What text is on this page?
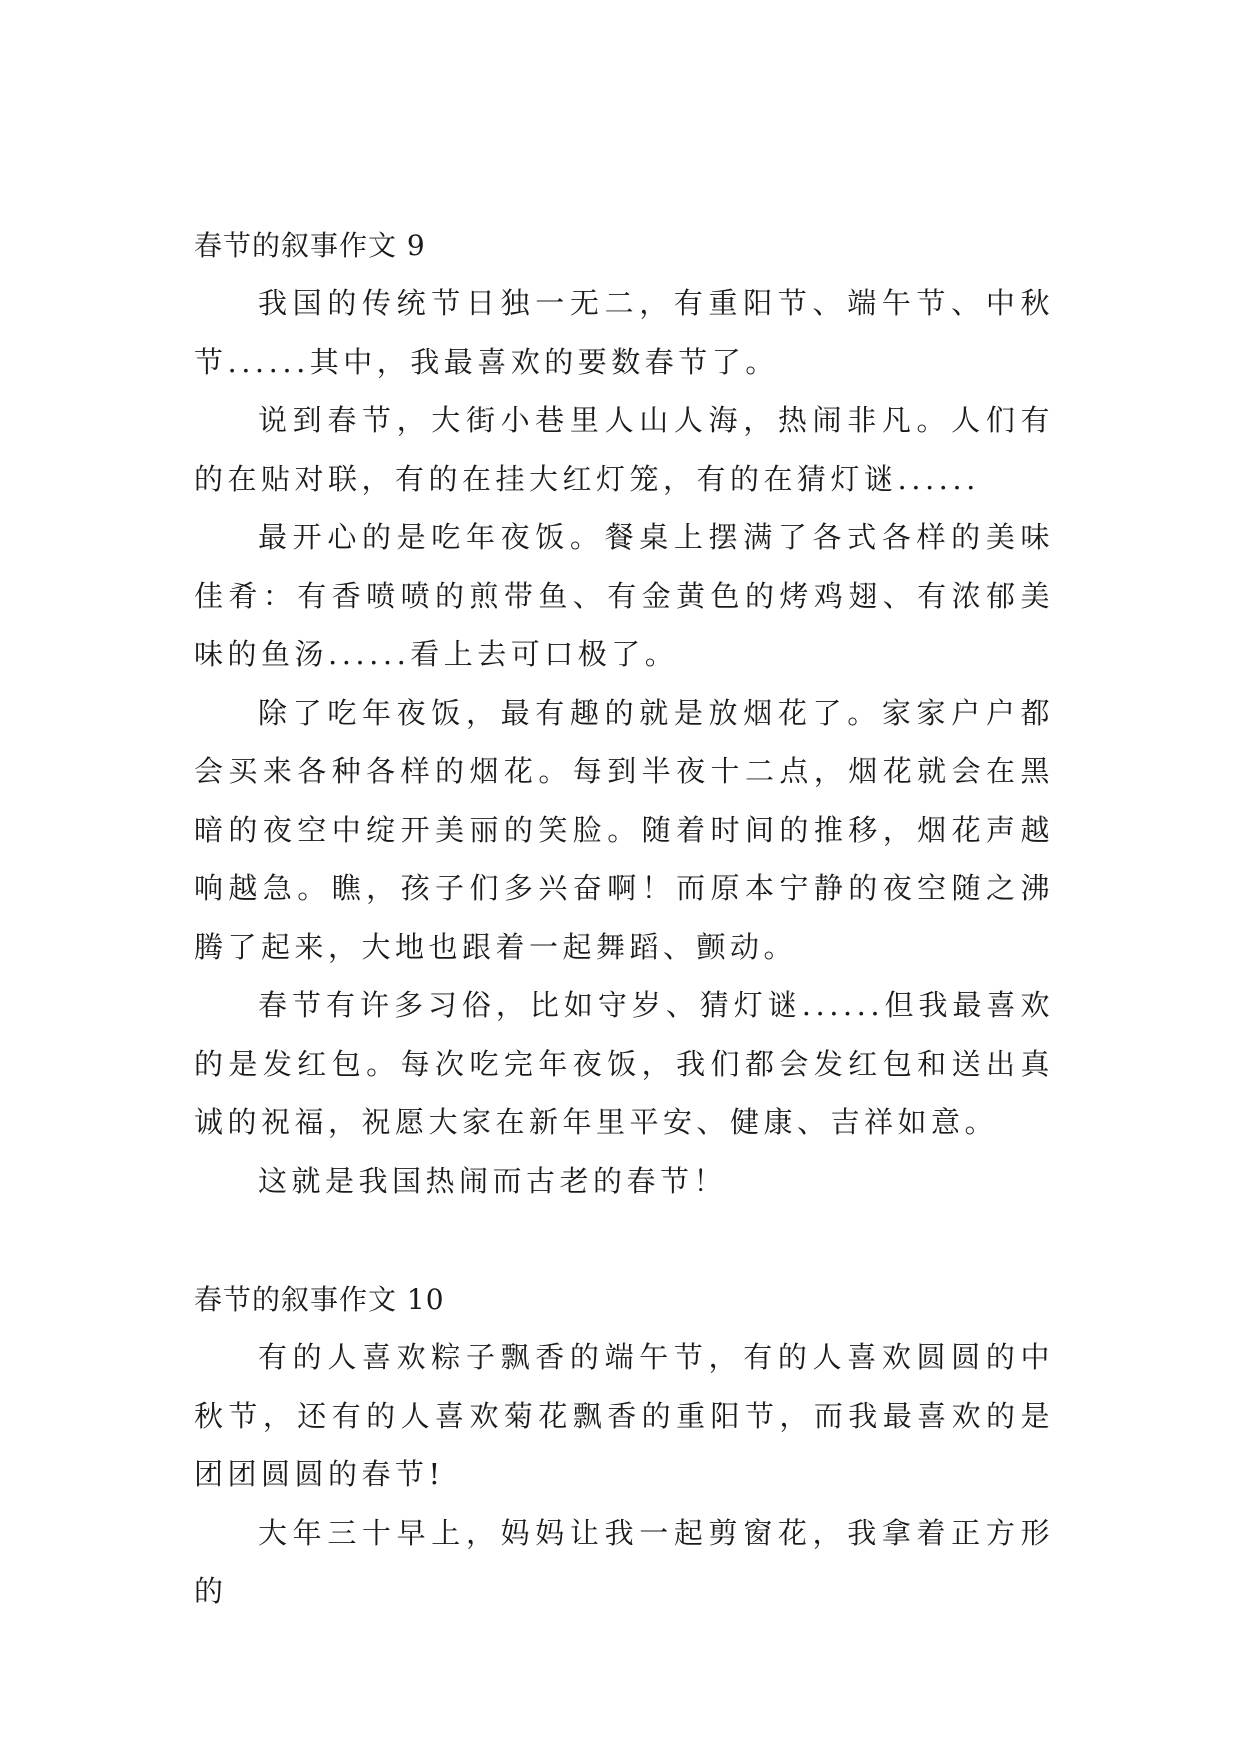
春节的叙事作文 9

我国的传统节日独一无二，有重阳节、端午节、中秋节......其中，我最喜欢的要数春节了。

说到春节，大街小巷里人山人海，热闹非凡。人们有的在贴对联，有的在挂大红灯笼，有的在猜灯谜......

最开心的是吃年夜饭。餐桌上摆满了各式各样的美味佳肴：有香喷喷的煎带鱼、有金黄色的烤鸡翅、有浓郁美味的鱼汤......看上去可口极了。

除了吃年夜饭，最有趣的就是放烟花了。家家户户都会买来各种各样的烟花。每到半夜十二点，烟花就会在黑暗的夜空中绽开美丽的笑脸。随着时间的推移，烟花声越响越急。瞧，孩子们多兴奋啊！而原本宁静的夜空随之沸腾了起来，大地也跟着一起舞蹈、颤动。

春节有许多习俗，比如守岁、猜灯谜......但我最喜欢的是发红包。每次吃完年夜饭，我们都会发红包和送出真诚的祝福，祝愿大家在新年里平安、健康、吉祥如意。

这就是我国热闹而古老的春节！

春节的叙事作文 10

有的人喜欢粽子飘香的端午节，有的人喜欢圆圆的中秋节，还有的人喜欢菊花飘香的重阳节，而我最喜欢的是团团圆圆的春节!

大年三十早上，妈妈让我一起剪窗花，我拿着正方形的
